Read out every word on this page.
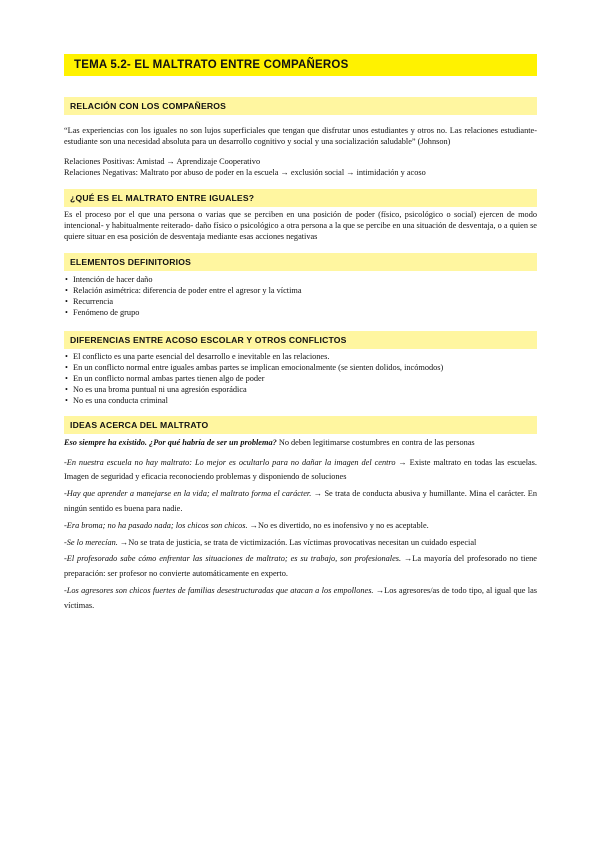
TEMA 5.2- EL MALTRATO ENTRE COMPAÑEROS
RELACIÓN CON LOS COMPAÑEROS
“Las experiencias con los iguales no son lujos superficiales que tengan que disfrutar unos estudiantes y otros no. Las relaciones estudiante-estudiante son una necesidad absoluta para un desarrollo cognitivo y social y una socialización saludable” (Johnson)
Relaciones Positivas: Amistad → Aprendizaje Cooperativo
Relaciones Negativas: Maltrato por abuso de poder en la escuela → exclusión social → intimidación y acoso
¿QUÉ ES EL MALTRATO ENTRE IGUALES?
Es el proceso por el que una persona o varias que se perciben en una posición de poder (físico, psicológico o social) ejercen de modo intencional- y habitualmente reiterado- daño físico o psicológico a otra persona a la que se percibe en una situación de desventaja, o a quien se quiere situar en esa posición de desventaja mediante esas acciones negativas
ELEMENTOS DEFINITORIOS
• Intención de hacer daño
• Relación asimétrica: diferencia de poder entre el agresor y la víctima
• Recurrencia
• Fenómeno de grupo
DIFERENCIAS ENTRE ACOSO ESCOLAR Y OTROS CONFLICTOS
• El conflicto es una parte esencial del desarrollo e inevitable en las relaciones.
• En un conflicto normal entre iguales ambas partes se implican emocionalmente (se sienten dolidos, incómodos)
• En un conflicto normal ambas partes tienen algo de poder
• No es una broma puntual ni una agresión esporádica
• No es una conducta criminal
IDEAS ACERCA DEL MALTRATO
Eso siempre ha existido. ¿Por qué habría de ser un problema? No deben legitimarse costumbres en contra de las personas

-En nuestra escuela no hay maltrato: Lo mejor es ocultarlo para no dañar la imagen del centro → Existe maltrato en todas las escuelas. Imagen de seguridad y eficacia reconociendo problemas y disponiendo de soluciones

-Hay que aprender a manejarse en la vida; el maltrato forma el carácter. → Se trata de conducta abusiva y humillante. Mina el carácter. En ningún sentido es buena para nadie.

-Era broma; no ha pasado nada; los chicos son chicos. →No es divertido, no es inofensivo y no es aceptable.

-Se lo merecían. →No se trata de justicia, se trata de victimización. Las víctimas provocativas necesitan un cuidado especial

-El profesorado sabe cómo enfrentar las situaciones de maltrato; es su trabajo, son profesionales. →La mayoría del profesorado no tiene preparación: ser profesor no convierte automáticamente en experto.

-Los agresores son chicos fuertes de familias desestructuradas que atacan a los empollones. →Los agresores/as de todo tipo, al igual que las víctimas.
